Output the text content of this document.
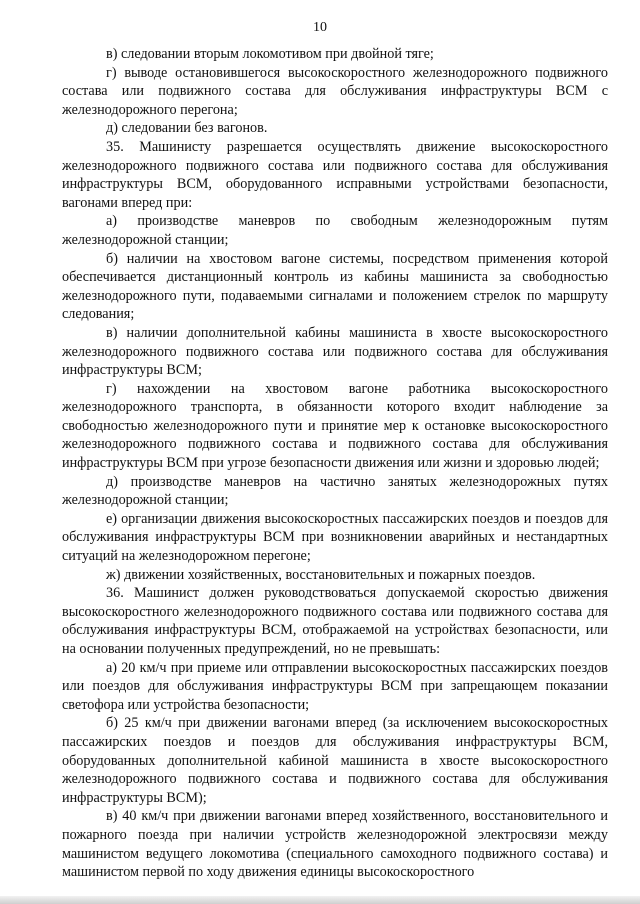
10

в) следовании вторым локомотивом при двойной тяге;

г) выводе остановившегося высокоскоростного железнодорожного подвижного состава или подвижного состава для обслуживания инфраструктуры ВСМ с железнодорожного перегона;

д) следовании без вагонов.

35. Машинисту разрешается осуществлять движение высокоскоростного железнодорожного подвижного состава или подвижного состава для обслуживания инфраструктуры ВСМ, оборудованного исправными устройствами безопасности, вагонами вперед при:

а) производстве маневров по свободным железнодорожным путям железнодорожной станции;

б) наличии на хвостовом вагоне системы, посредством применения которой обеспечивается дистанционный контроль из кабины машиниста за свободностью железнодорожного пути, подаваемыми сигналами и положением стрелок по маршруту следования;

в) наличии дополнительной кабины машиниста в хвосте высокоскоростного железнодорожного подвижного состава или подвижного состава для обслуживания инфраструктуры ВСМ;

г) нахождении на хвостовом вагоне работника высокоскоростного железнодорожного транспорта, в обязанности которого входит наблюдение за свободностью железнодорожного пути и принятие мер к остановке высокоскоростного железнодорожного подвижного состава и подвижного состава для обслуживания инфраструктуры ВСМ при угрозе безопасности движения или жизни и здоровью людей;

д) производстве маневров на частично занятых железнодорожных путях железнодорожной станции;

е) организации движения высокоскоростных пассажирских поездов и поездов для обслуживания инфраструктуры ВСМ при возникновении аварийных и нестандартных ситуаций на железнодорожном перегоне;

ж) движении хозяйственных, восстановительных и пожарных поездов.

36. Машинист должен руководствоваться допускаемой скоростью движения высокоскоростного железнодорожного подвижного состава или подвижного состава для обслуживания инфраструктуры ВСМ, отображаемой на устройствах безопасности, или на основании полученных предупреждений, но не превышать:

а) 20 км/ч при приеме или отправлении высокоскоростных пассажирских поездов или поездов для обслуживания инфраструктуры ВСМ при запрещающем показании светофора или устройства безопасности;

б) 25 км/ч при движении вагонами вперед (за исключением высокоскоростных пассажирских поездов и поездов для обслуживания инфраструктуры ВСМ, оборудованных дополнительной кабиной машиниста в хвосте высокоскоростного железнодорожного подвижного состава и подвижного состава для обслуживания инфраструктуры ВСМ);

в) 40 км/ч при движении вагонами вперед хозяйственного, восстановительного и пожарного поезда при наличии устройств железнодорожной электросвязи между машинистом ведущего локомотива (специального самоходного подвижного состава) и машинистом первой по ходу движения единицы высокоскоростного
